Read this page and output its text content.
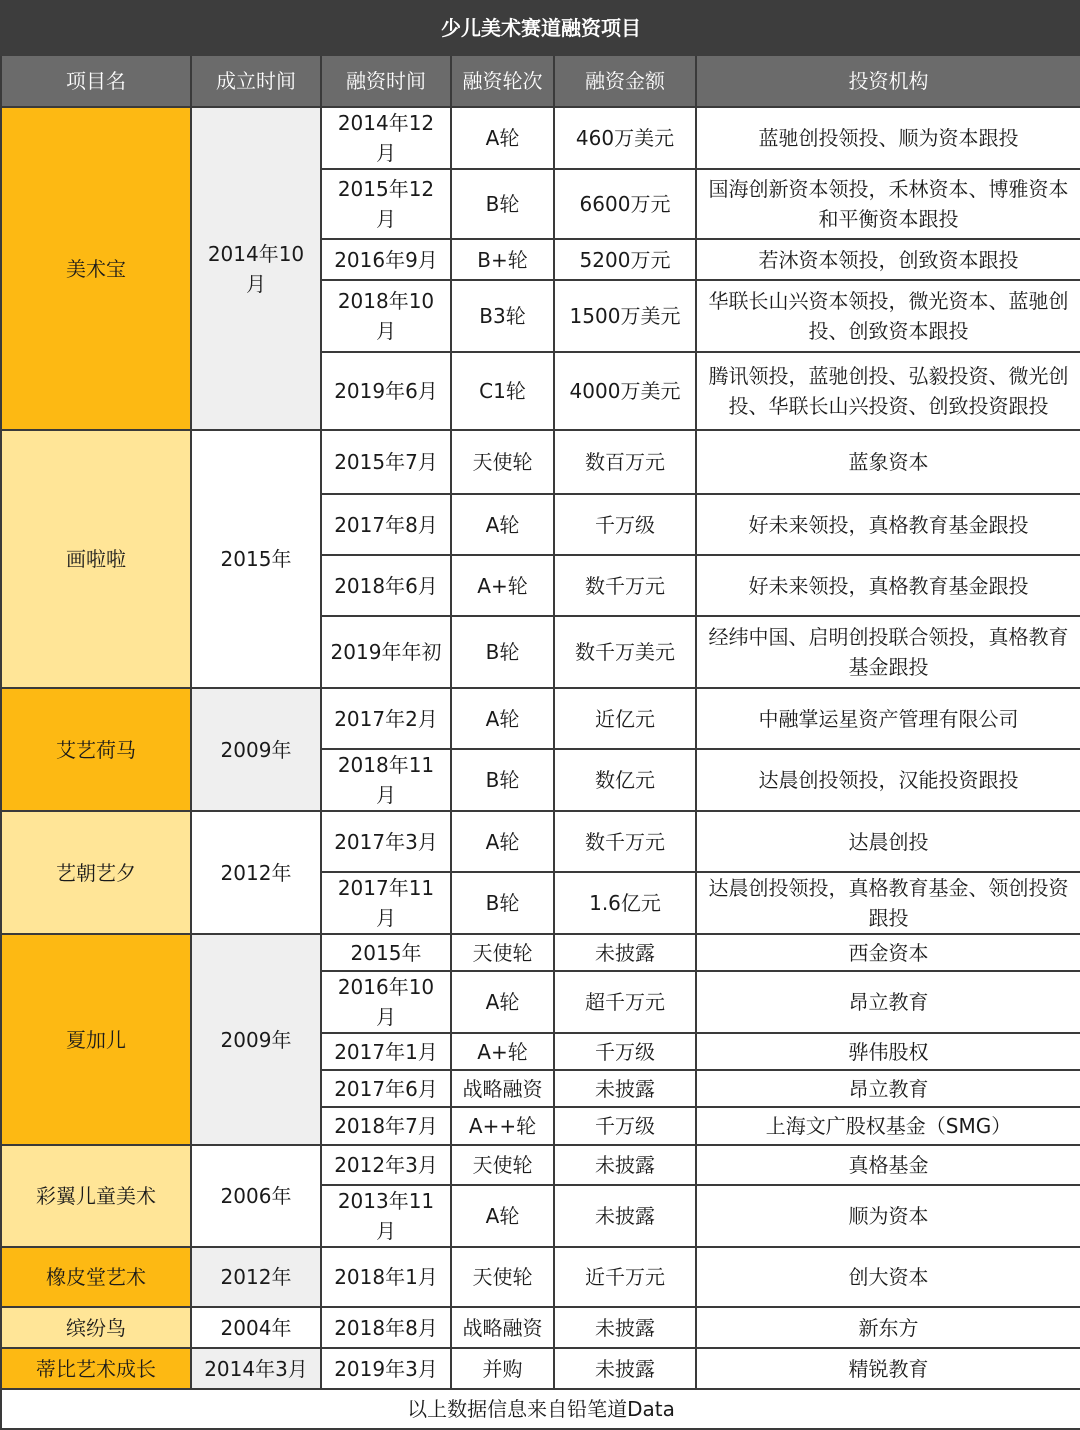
少儿美术赛道融资项目					
项目名	成立时间	融资时间	融资轮次	融资金额	投资机构
美术宝	2014年10月	2014年12月	A轮	460万美元	蓝驰创投领投、顺为资本跟投
		2015年12月	B轮	6600万元	国海创新资本领投，禾林资本、博雅资本和平衡资本跟投
		2016年9月	B+轮	5200万元	若沐资本领投，创致资本跟投
		2018年10月	B3轮	1500万美元	华联长山兴资本领投，微光资本、蓝驰创投、创致资本跟投
		2019年6月	C1轮	4000万美元	腾讯领投，蓝驰创投、弘毅投资、微光创投、华联长山兴投资、创致投资跟投
画啦啦	2015年	2015年7月	天使轮	数百万元	蓝象资本
		2017年8月	A轮	千万级	好未来领投，真格教育基金跟投
		2018年6月	A+轮	数千万元	好未来领投，真格教育基金跟投
		2019年年初	B轮	数千万美元	经纬中国、启明创投联合领投，真格教育基金跟投
艾艺荷马	2009年	2017年2月	A轮	近亿元	中融掌运星资产管理有限公司
		2018年11月	B轮	数亿元	达晨创投领投，汉能投资跟投
艺朝艺夕	2012年	2017年3月	A轮	数千万元	达晨创投
		2017年11月	B轮	1.6亿元	达晨创投领投，真格教育基金、领创投资跟投
夏加儿	2009年	2015年	天使轮	未披露	西金资本
		2016年10月	A轮	超千万元	昂立教育
		2017年1月	A+轮	千万级	骅伟股权
		2017年6月	战略融资	未披露	昂立教育
		2018年7月	A++轮	千万级	上海文广股权基金（SMG）
彩翼儿童美术	2006年	2012年3月	天使轮	未披露	真格基金
		2013年11月	A轮	未披露	顺为资本
橡皮堂艺术	2012年	2018年1月	天使轮	近千万元	创大资本
缤纷鸟	2004年	2018年8月	战略融资	未披露	新东方
蒂比艺术成长	2014年3月	2019年3月	并购	未披露	精锐教育
以上数据信息来自铅笔道Data					
